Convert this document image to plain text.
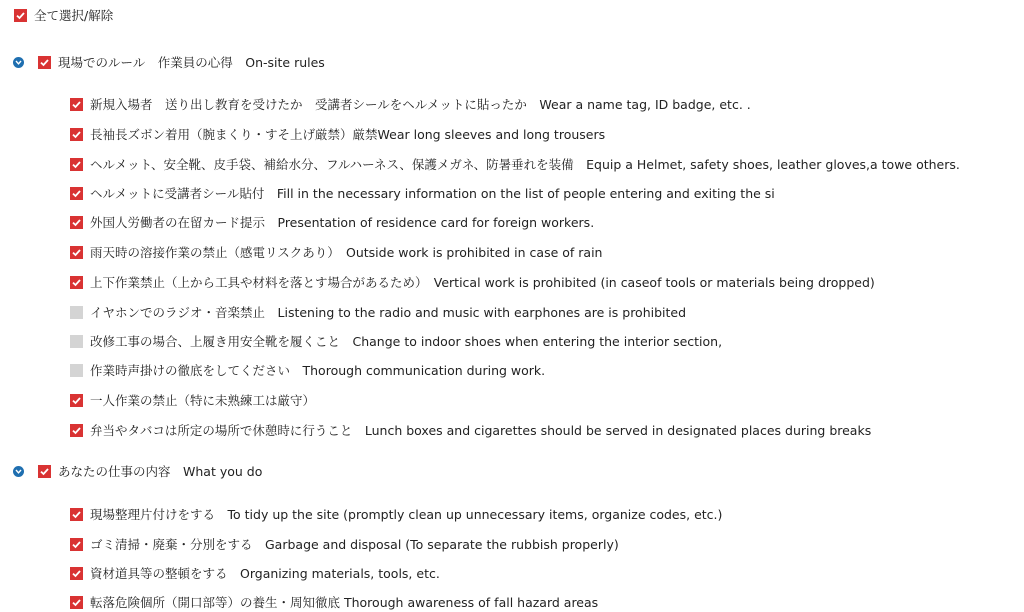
全て選択/解除
現場でのルール　作業員の心得　On-site rules
新規入場者　送り出し教育を受けたか　受講者シールをヘルメットに貼ったか　Wear a name tag, ID badge, etc. .
長袖長ズボン着用（腕まくり・すそ上げ厳禁）厳禁Wear long sleeves and long trousers
ヘルメット、安全靴、皮手袋、補給水分、フルハーネス、保護メガネ、防暑垂れを装備　Equip a Helmet, safety shoes, leather gloves,a towe others.
ヘルメットに受講者シール貼付　Fill in the necessary information on the list of people entering and exiting the si
外国人労働者の在留カード提示　Presentation of residence card for foreign workers.
雨天時の溶接作業の禁止（感電リスクあり）　Outside work is prohibited in case of rain
上下作業禁止（上から工具や材料を落とす場合があるため）　Vertical work is prohibited (in caseof tools or materials being dropped)
イヤホンでのラジオ・音楽禁止　Listening to the radio and music with earphones are is prohibited
改修工事の場合、上履き用安全靴を履くこと　Change to indoor shoes when entering the interior section,
作業時声掛けの徹底をしてください　Thorough communication during work.
一人作業の禁止（特に未熟練工は厳守）
弁当やタバコは所定の場所で休憩時に行うこと　Lunch boxes and cigarettes should be served in designated places during breaks
あなたの仕事の内容　What you do
現場整理片付けをする　To tidy up the site (promptly clean up unnecessary items, organize codes, etc.)
ゴミ清掃・廃棄・分別をする　Garbage and disposal (To separate the rubbish properly)
資材道具等の整頓をする　Organizing materials, tools, etc.
転落危険個所（開口部等）の養生・周知徹底 Thorough awareness of fall hazard areas
